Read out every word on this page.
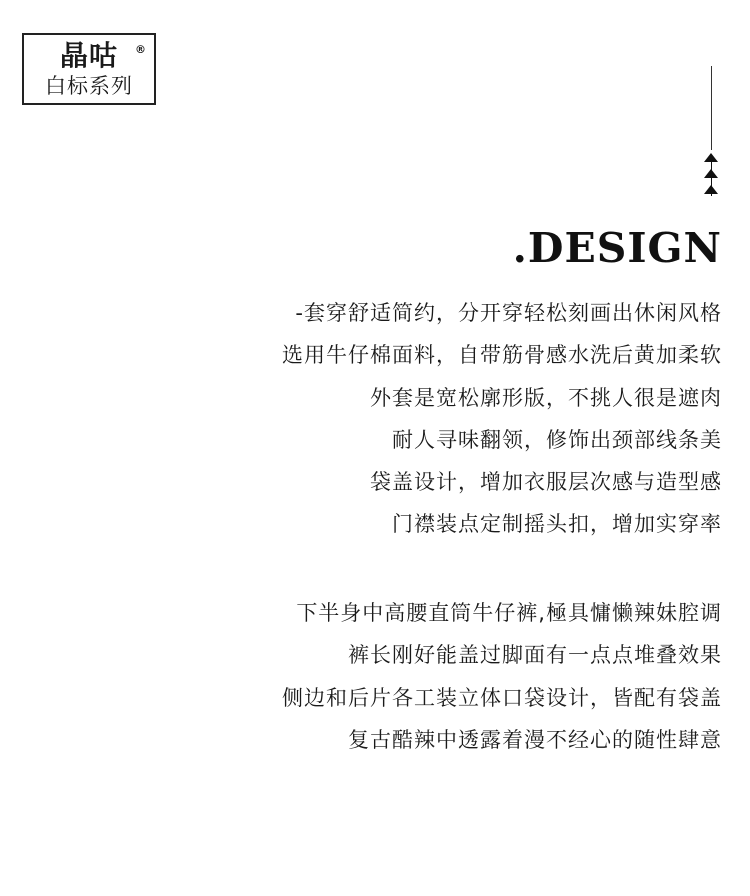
晶咕 ®
白标系列
.DESIGN
-套穿舒适简约，分开穿轻松刻画出休闲风格
选用牛仔棉面料，自带筋骨感水洗后黄加柔软
外套是宽松廓形版，不挑人很是遮肉
耐人寻味翻领，修饰出颈部线条美
袋盖设计，增加衣服层次感与造型感
门襟装点定制摇头扣，增加实穿率
下半身中高腰直筒牛仔裤,極具慵懒辣妹腔调
裤长刚好能盖过脚面有一点点堆叠效果
侧边和后片各工装立体口袋设计，皆配有袋盖
复古酷辣中透露着漫不经心的随性肆意
